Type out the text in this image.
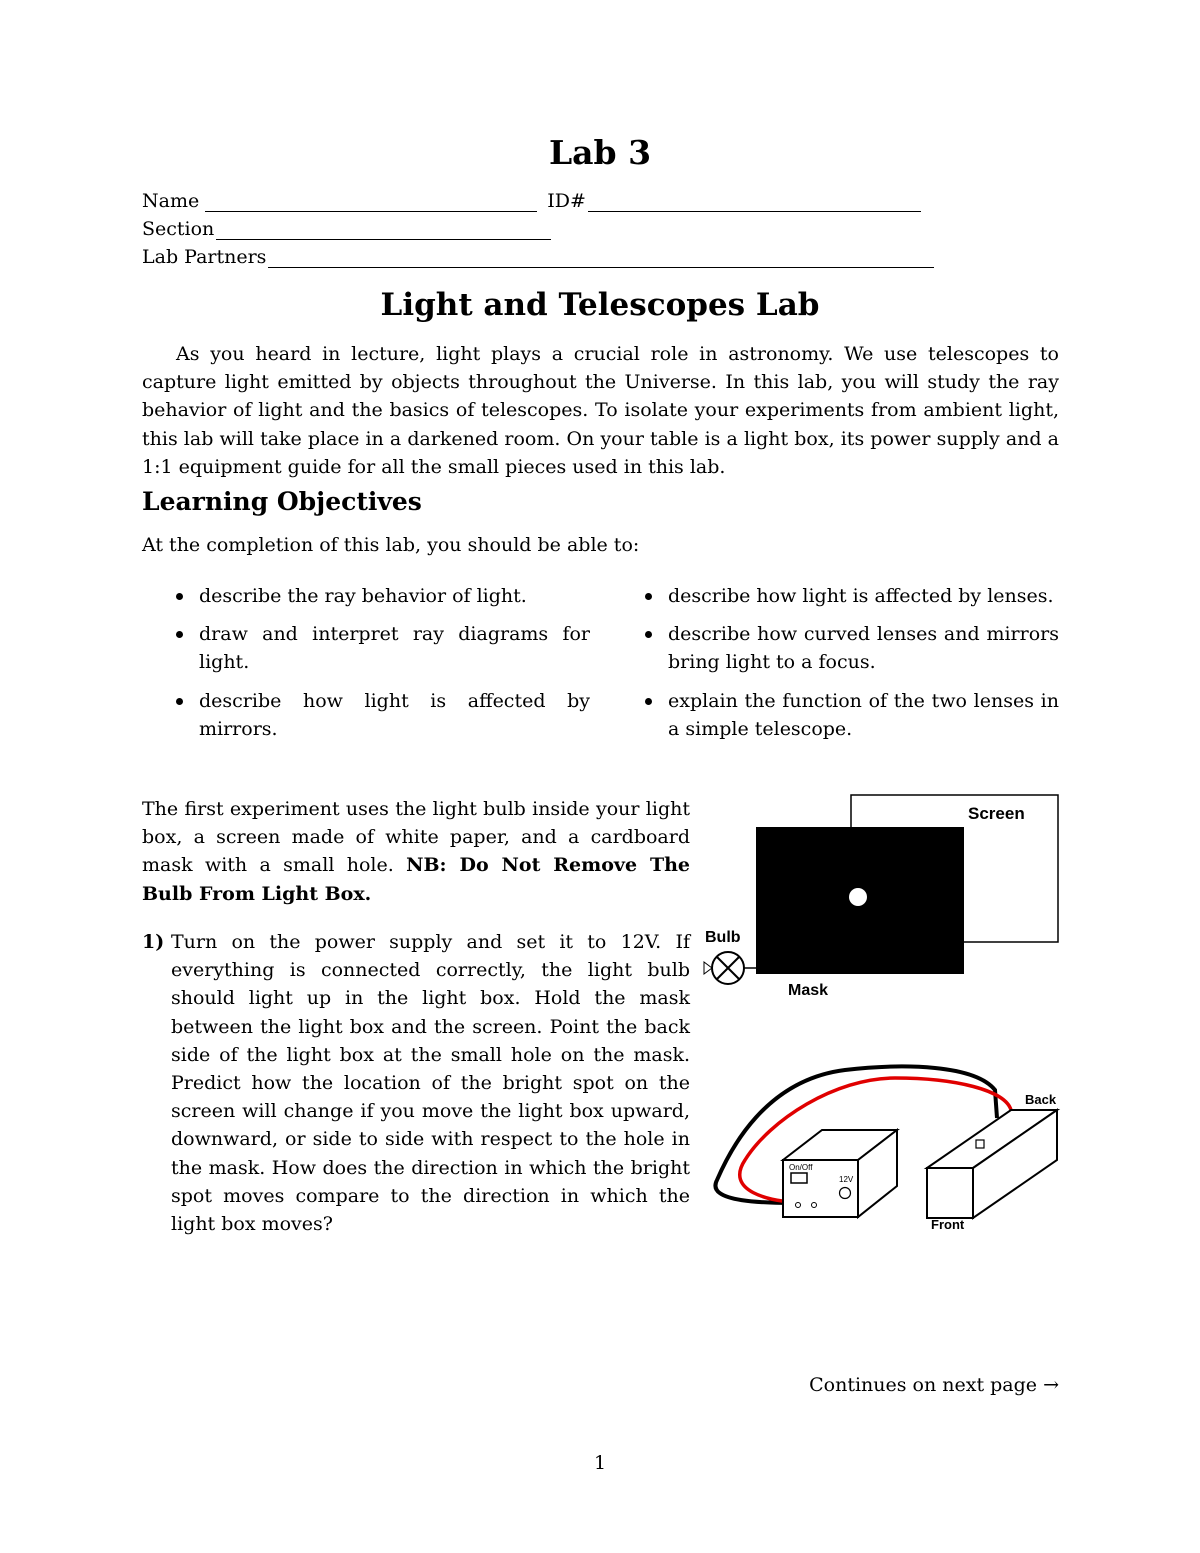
Lab 3
Name	ID#
Section
Lab Partners
Light and Telescopes Lab
As you heard in lecture, light plays a crucial role in astronomy. We use telescopes to capture light emitted by objects throughout the Universe. In this lab, you will study the ray behavior of light and the basics of telescopes. To isolate your experiments from ambient light, this lab will take place in a darkened room. On your table is a light box, its power supply and a 1:1 equipment guide for all the small pieces used in this lab.
Learning Objectives
At the completion of this lab, you should be able to:
describe the ray behavior of light.
draw and interpret ray diagrams for light.
describe how light is affected by mirrors.
describe how light is affected by lenses.
describe how curved lenses and mirrors bring light to a focus.
explain the function of the two lenses in a simple telescope.
The first experiment uses the light bulb inside your light box, a screen made of white paper, and a cardboard mask with a small hole. NB: Do Not Remove The Bulb From Light Box.
1) Turn on the power supply and set it to 12V. If everything is connected correctly, the light bulb should light up in the light box. Hold the mask between the light box and the screen. Point the back side of the light box at the small hole on the mask. Predict how the location of the bright spot on the screen will change if you move the light box upward, downward, or side to side with respect to the hole in the mask. How does the direction in which the bright spot moves compare to the direction in which the light box moves?
Screen
Bulb
Mask
On/Off
12V
Back
Front
Continues on next page →
1
